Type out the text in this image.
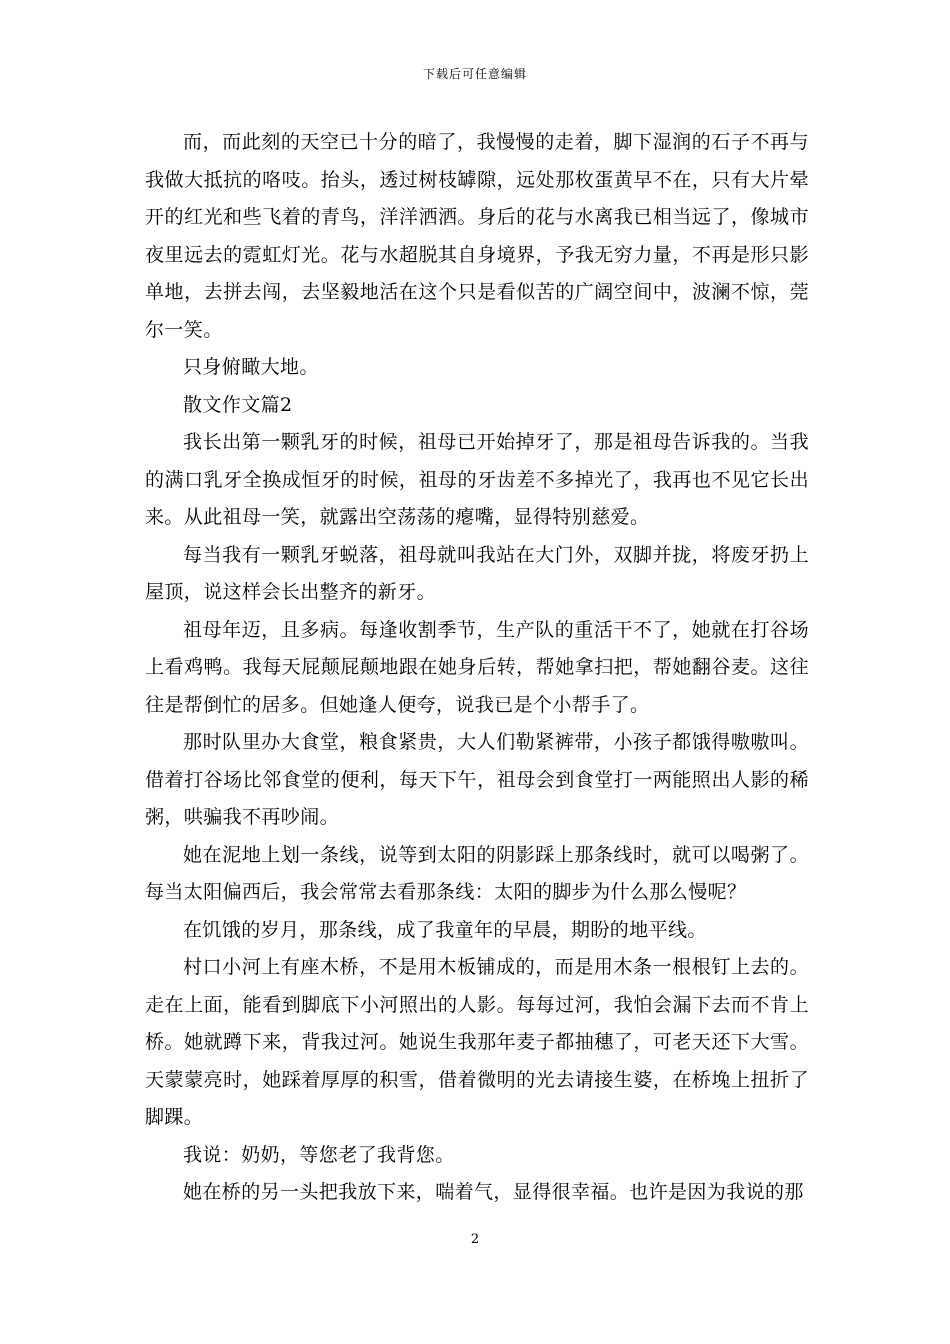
下载后可任意编辑

而，而此刻的天空已十分的暗了，我慢慢的走着，脚下湿润的石子不再与我做大抵抗的咯吱。抬头，透过树枝罅隙，远处那枚蛋黄早不在，只有大片晕开的红光和些飞着的青鸟，洋洋洒洒。身后的花与水离我已相当远了，像城市夜里远去的霓虹灯光。花与水超脱其自身境界，予我无穷力量，不再是形只影单地，去拼去闯，去坚毅地活在这个只是看似苦的广阔空间中，波澜不惊，莞尔一笑。

只身俯瞰大地。

散文作文篇2

我长出第一颗乳牙的时候，祖母已开始掉牙了，那是祖母告诉我的。当我的满口乳牙全换成恒牙的时候，祖母的牙齿差不多掉光了，我再也不见它长出来。从此祖母一笑，就露出空荡荡的瘪嘴，显得特别慈爱。

每当我有一颗乳牙蜕落，祖母就叫我站在大门外，双脚并拢，将废牙扔上屋顶，说这样会长出整齐的新牙。

祖母年迈，且多病。每逢收割季节，生产队的重活干不了，她就在打谷场上看鸡鸭。我每天屁颠屁颠地跟在她身后转，帮她拿扫把，帮她翻谷麦。这往往是帮倒忙的居多。但她逢人便夸，说我已是个小帮手了。

那时队里办大食堂，粮食紧贵，大人们勒紧裤带，小孩子都饿得嗷嗷叫。借着打谷场比邻食堂的便利，每天下午，祖母会到食堂打一两能照出人影的稀粥，哄骗我不再吵闹。

她在泥地上划一条线，说等到太阳的阴影踩上那条线时，就可以喝粥了。每当太阳偏西后，我会常常去看那条线：太阳的脚步为什么那么慢呢？

在饥饿的岁月，那条线，成了我童年的早晨，期盼的地平线。

村口小河上有座木桥，不是用木板铺成的，而是用木条一根根钉上去的。走在上面，能看到脚底下小河照出的人影。每每过河，我怕会漏下去而不肯上桥。她就蹲下来，背我过河。她说生我那年麦子都抽穗了，可老天还下大雪。天蒙蒙亮时，她踩着厚厚的积雪，借着微明的光去请接生婆，在桥堍上扭折了脚踝。

我说：奶奶，等您老了我背您。

她在桥的另一头把我放下来，喘着气，显得很幸福。也许是因为我说的那

2
